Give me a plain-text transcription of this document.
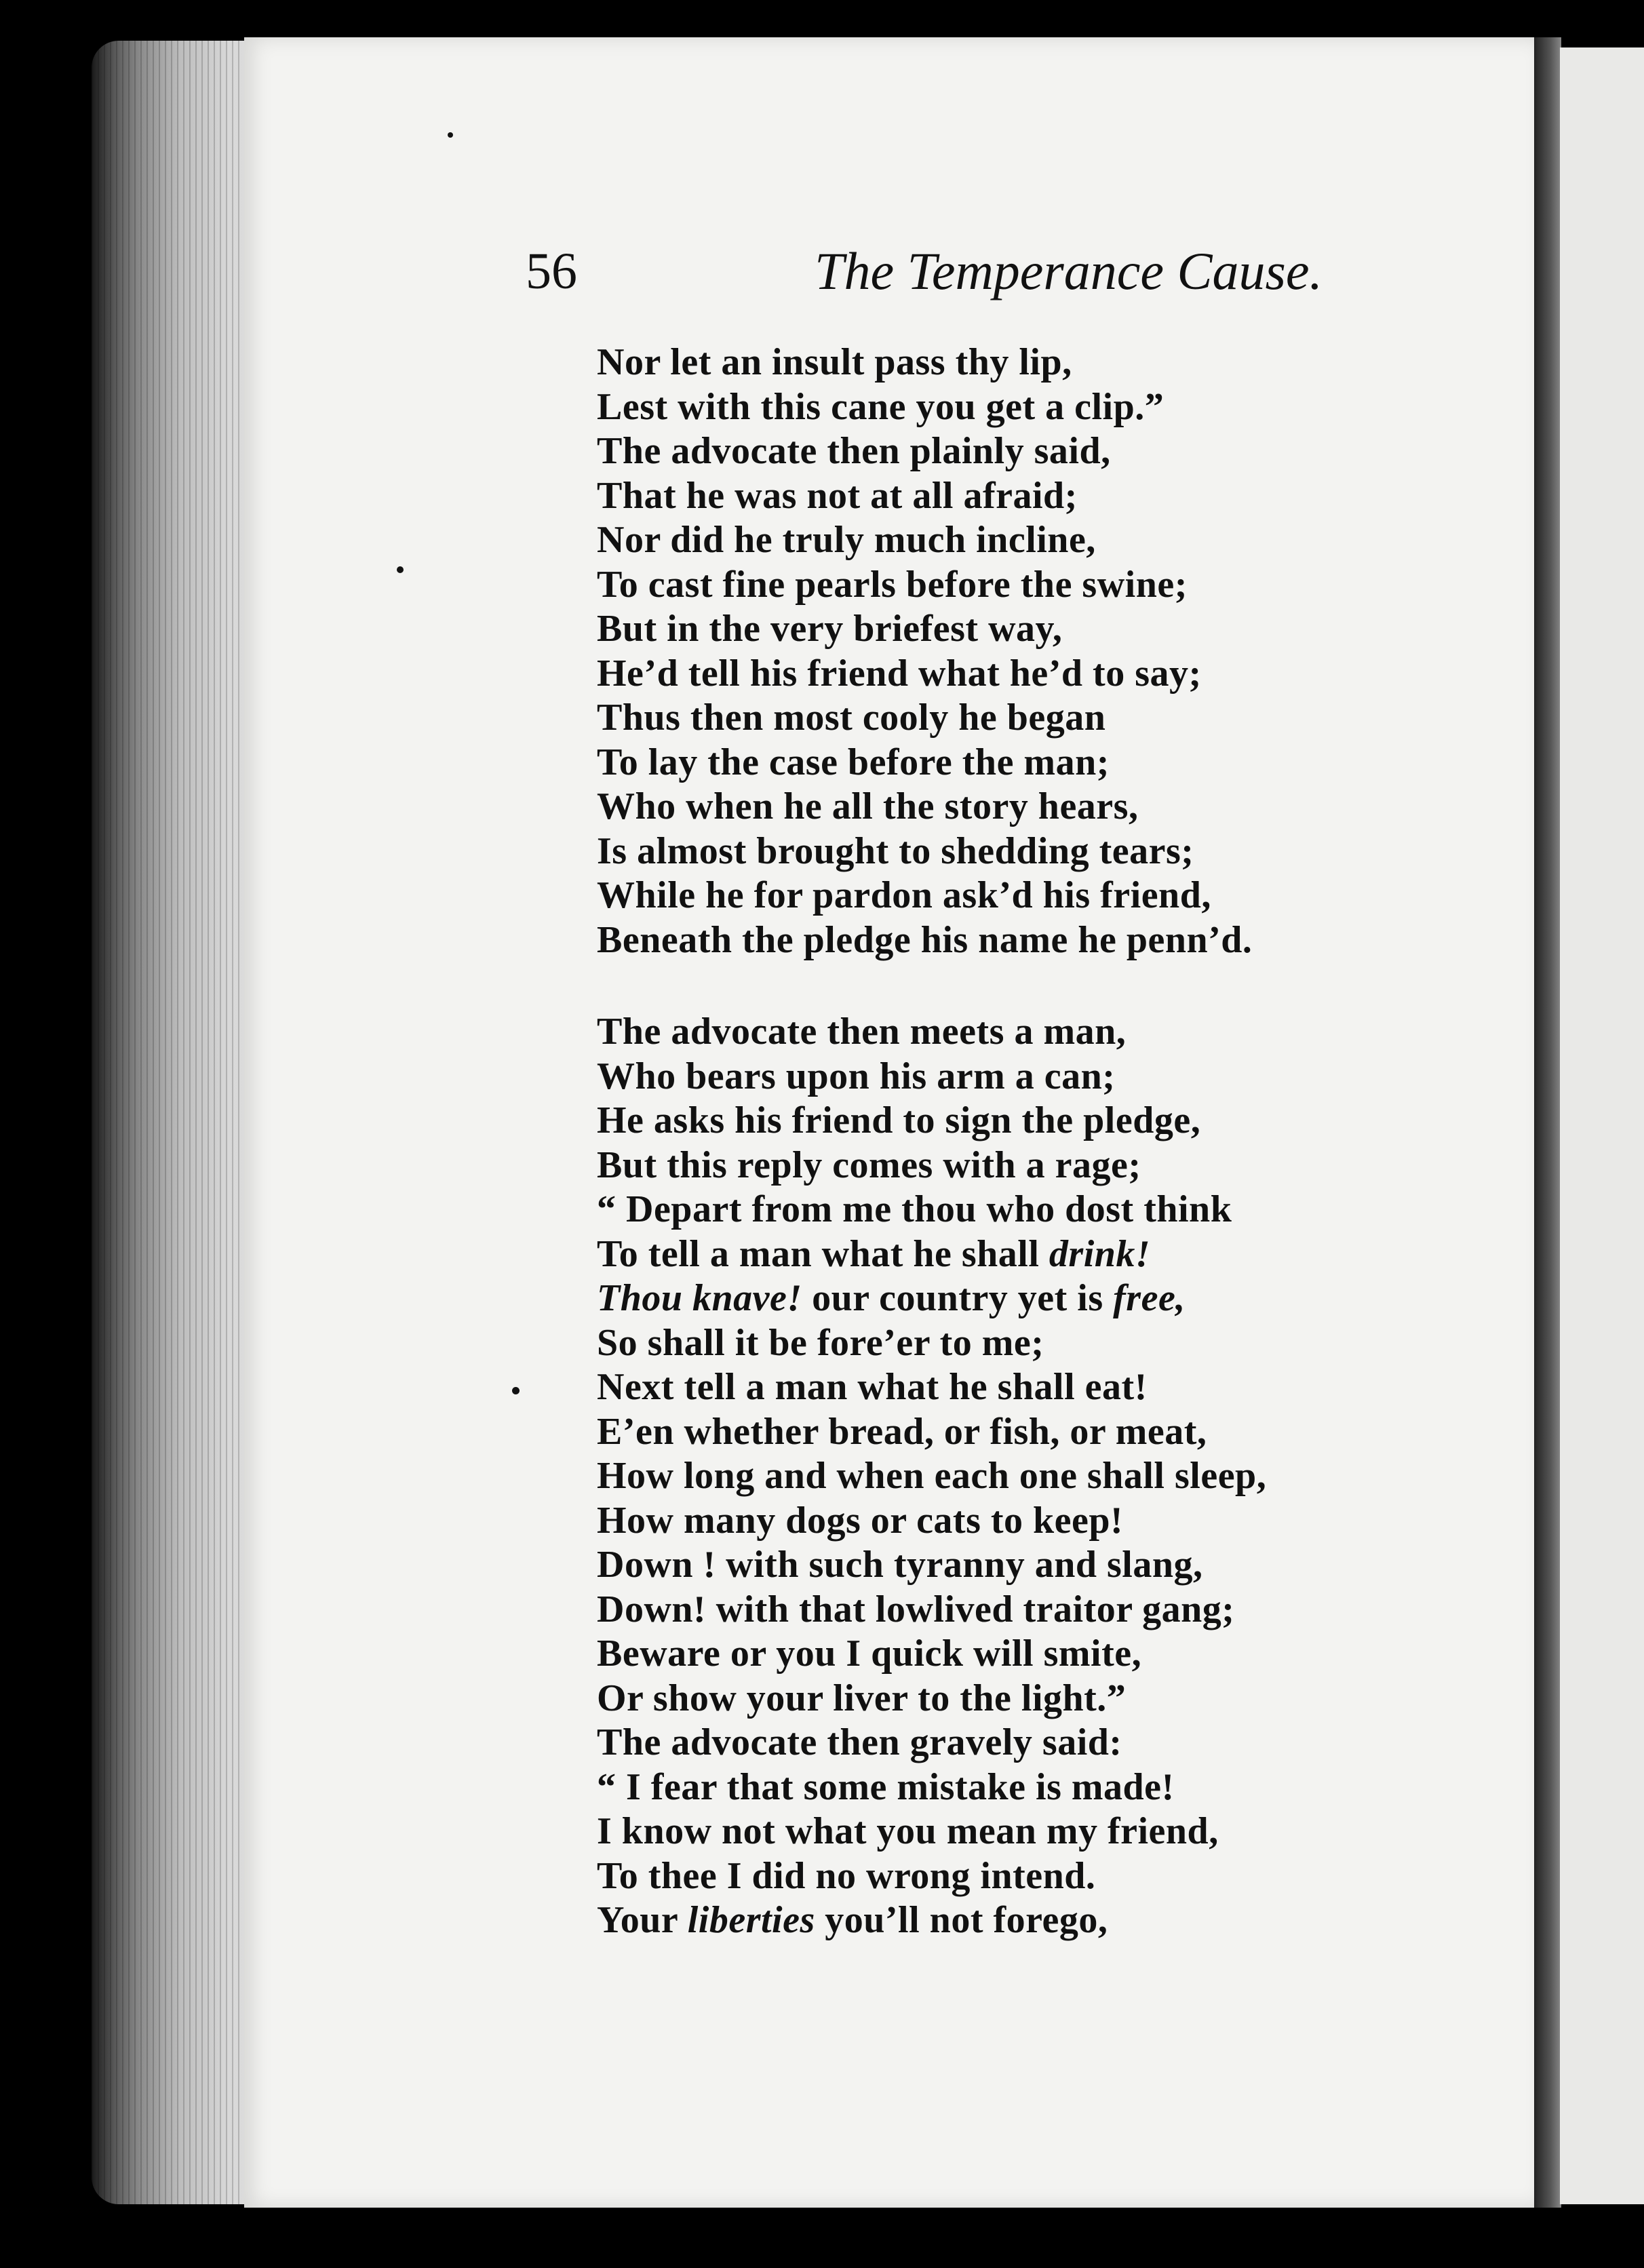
56	The Temperance Cause.
Nor let an insult pass thy lip,
Lest with this cane you get a clip.”
The advocate then plainly said,
That he was not at all afraid;
Nor did he truly much incline,
To cast fine pearls before the swine;
But in the very briefest way,
He’d tell his friend what he’d to say;
Thus then most cooly he began
To lay the case before the man;
Who when he all the story hears,
Is almost brought to shedding tears;
While he for pardon ask’d his friend,
Beneath the pledge his name he penn’d.
The advocate then meets a man,
Who bears upon his arm a can;
He asks his friend to sign the pledge,
But this reply comes with a rage;
“ Depart from me thou who dost think
To tell a man what he shall drink!
Thou knave! our country yet is free,
So shall it be fore’er to me;
Next tell a man what he shall eat!
E’en whether bread, or fish, or meat,
How long and when each one shall sleep,
How many dogs or cats to keep!
Down ! with such tyranny and slang,
Down! with that lowlived traitor gang;
Beware or you I quick will smite,
Or show your liver to the light.”
The advocate then gravely said:
“ I fear that some mistake is made!
I know not what you mean my friend,
To thee I did no wrong intend.
Your liberties you’ll not forego,
